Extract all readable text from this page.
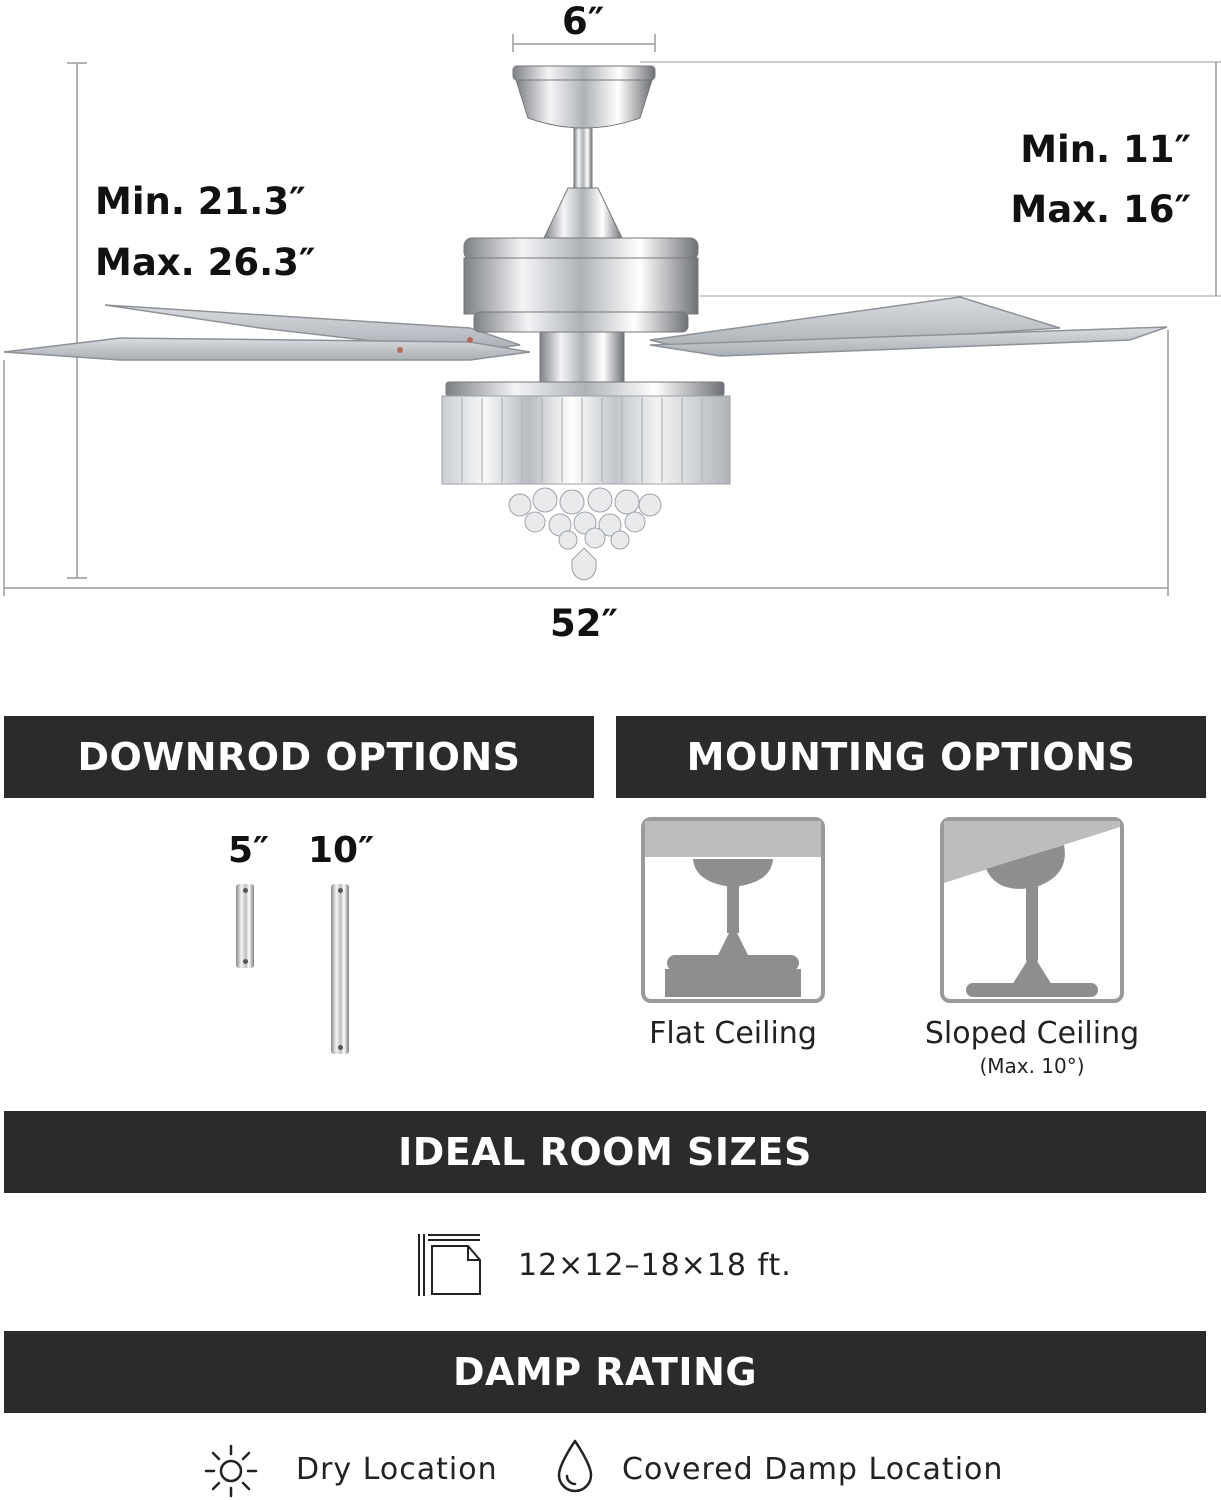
6″
Min. 21.3″
Max. 26.3″
Min. 11″
Max. 16″
52″
DOWNROD OPTIONS
5″ 10″
MOUNTING OPTIONS
Flat Ceiling	Sloped Ceiling
(Max. 10°)
IDEAL ROOM SIZES
12×12–18×18 ft.
DAMP RATING
Dry Location	Covered Damp Location
